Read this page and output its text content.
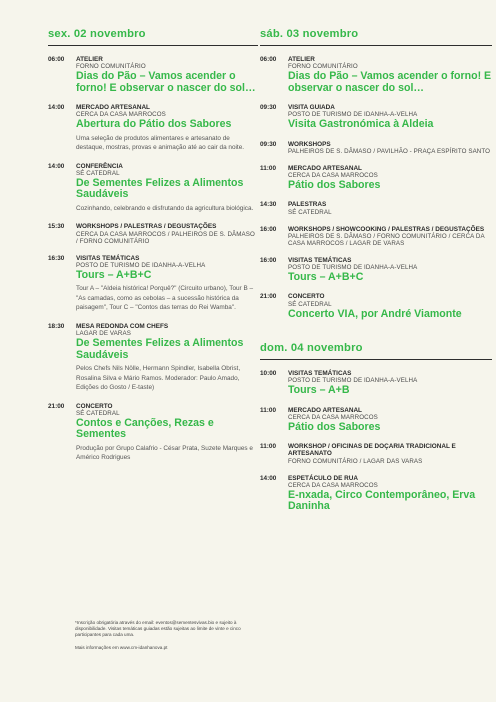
sex. 02 novembro
06:00 ATELIER
FORNO COMUNITÁRIO
Dias do Pão – Vamos acender o forno! E observar o nascer do sol…
14:00 MERCADO ARTESANAL
CERCA DA CASA MARROCOS
Abertura do Pátio dos Sabores
Uma seleção de produtos alimentares e artesanato de destaque, mostras, provas e animação até ao cair da noite.
14:00 CONFERÊNCIA
SÉ CATEDRAL
De Sementes Felizes a Alimentos Saudáveis
Cozinhando, celebrando e disfrutando da agricultura biológica.
15:30 WORKSHOPS / PALESTRAS / DEGUSTAÇÕES
CERCA DA CASA MARROCOS / PALHEIROS DE S. DÂMASO / FORNO COMUNITÁRIO
16:30 VISITAS TEMÁTICAS
POSTO DE TURISMO DE IDANHA-A-VELHA
Tours – A+B+C
Tour A – "Aldeia histórica! Porquê?" (Circuito urbano), Tour B – "As camadas, como as cebolas – a sucessão histórica da paisagem", Tour C – "Contos das terras do Rei Wamba".
18:30 MESA REDONDA COM CHEFS
LAGAR DE VARAS
De Sementes Felizes a Alimentos Saudáveis
Pelos Chefs Nils Nölle, Hermann Spindler, Isabella Obrist, Rosalina Silva e Mário Ramos. Moderador: Paulo Amado, Edições do Gosto / E-taste)
21:00 CONCERTO
SÉ CATEDRAL
Contos e Canções, Rezas e Sementes
Produção por Grupo Calafrio - César Prata, Suzete Marques e Américo Rodrigues
sáb. 03 novembro
06:00 ATELIER
FORNO COMUNITÁRIO
Dias do Pão – Vamos acender o forno! E observar o nascer do sol…
09:30 VISITA GUIADA
POSTO DE TURISMO DE IDANHA-A-VELHA
Visita Gastronómica à Aldeia
09:30 WORKSHOPS
PALHEIROS DE S. DÂMASO / PAVILHÃO - PRAÇA ESPÍRITO SANTO
11:00 MERCADO ARTESANAL
CERCA DA CASA MARROCOS
Pátio dos Sabores
14:30 PALESTRAS
SÉ CATEDRAL
16:00 WORKSHOPS / SHOWCOOKING / PALESTRAS / DEGUSTAÇÕES
PALHEIROS DE S. DÂMASO / FORNO COMUNITÁRIO / CERCA DA CASA MARROCOS / LAGAR DE VARAS
16:00 VISITAS TEMÁTICAS
POSTO DE TURISMO DE IDANHA-A-VELHA
Tours – A+B+C
21:00 CONCERTO
SÉ CATEDRAL
Concerto VIA, por André Viamonte
dom. 04 novembro
10:00 VISITAS TEMÁTICAS
POSTO DE TURISMO DE IDANHA-A-VELHA
Tours – A+B
11:00 MERCADO ARTESANAL
CERCA DA CASA MARROCOS
Pátio dos Sabores
11:00 WORKSHOP / OFICINAS DE DOÇARIA TRADICIONAL E ARTESANATO
FORNO COMUNITÁRIO / LAGAR DAS VARAS
14:00 ESPETÁCULO DE RUA
CERCA DA CASA MARROCOS
E-nxada, Circo Contemporâneo, Erva Daninha
*Inscrição obrigatória através do email: eventos@sementesvivas.bio e sujeito à disponibilidade. Visitas temáticas guiadas estão sujeitas ao limite de vinte e cinco participantes para cada uma.
Mais informações em www.cm-idanhanova.pt
